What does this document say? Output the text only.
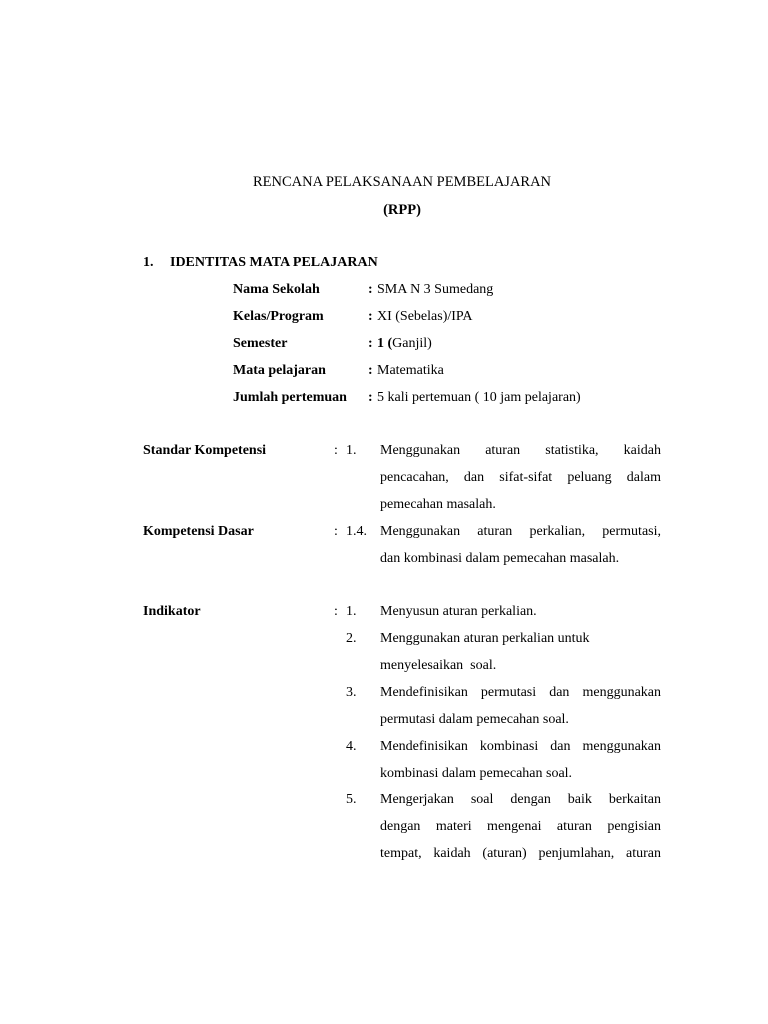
RENCANA PELAKSANAAN PEMBELAJARAN
(RPP)
1. IDENTITAS MATA PELAJARAN
Nama Sekolah	: SMA N 3 Sumedang
Kelas/Program	: XI (Sebelas)/IPA
Semester	: 1 (Ganjil)
Mata pelajaran	: Matematika
Jumlah pertemuan : 5 kali pertemuan ( 10 jam pelajaran)
Standar Kompetensi	: 1. Menggunakan aturan statistika, kaidah
pencacahan, dan sifat-sifat peluang dalam
pemecahan masalah.
Kompetensi Dasar	: 1.4. Menggunakan aturan perkalian, permutasi,
dan kombinasi dalam pemecahan masalah.
Indikator	: 1. Menyusun aturan perkalian.
2. Menggunakan aturan perkalian untuk
menyelesaikan  soal.
3. Mendefinisikan permutasi dan menggunakan
permutasi dalam pemecahan soal.
4. Mendefinisikan kombinasi dan menggunakan
kombinasi dalam pemecahan soal.
5. Mengerjakan soal dengan baik berkaitan
dengan materi mengenai aturan pengisian
tempat, kaidah (aturan) penjumlahan, aturan
